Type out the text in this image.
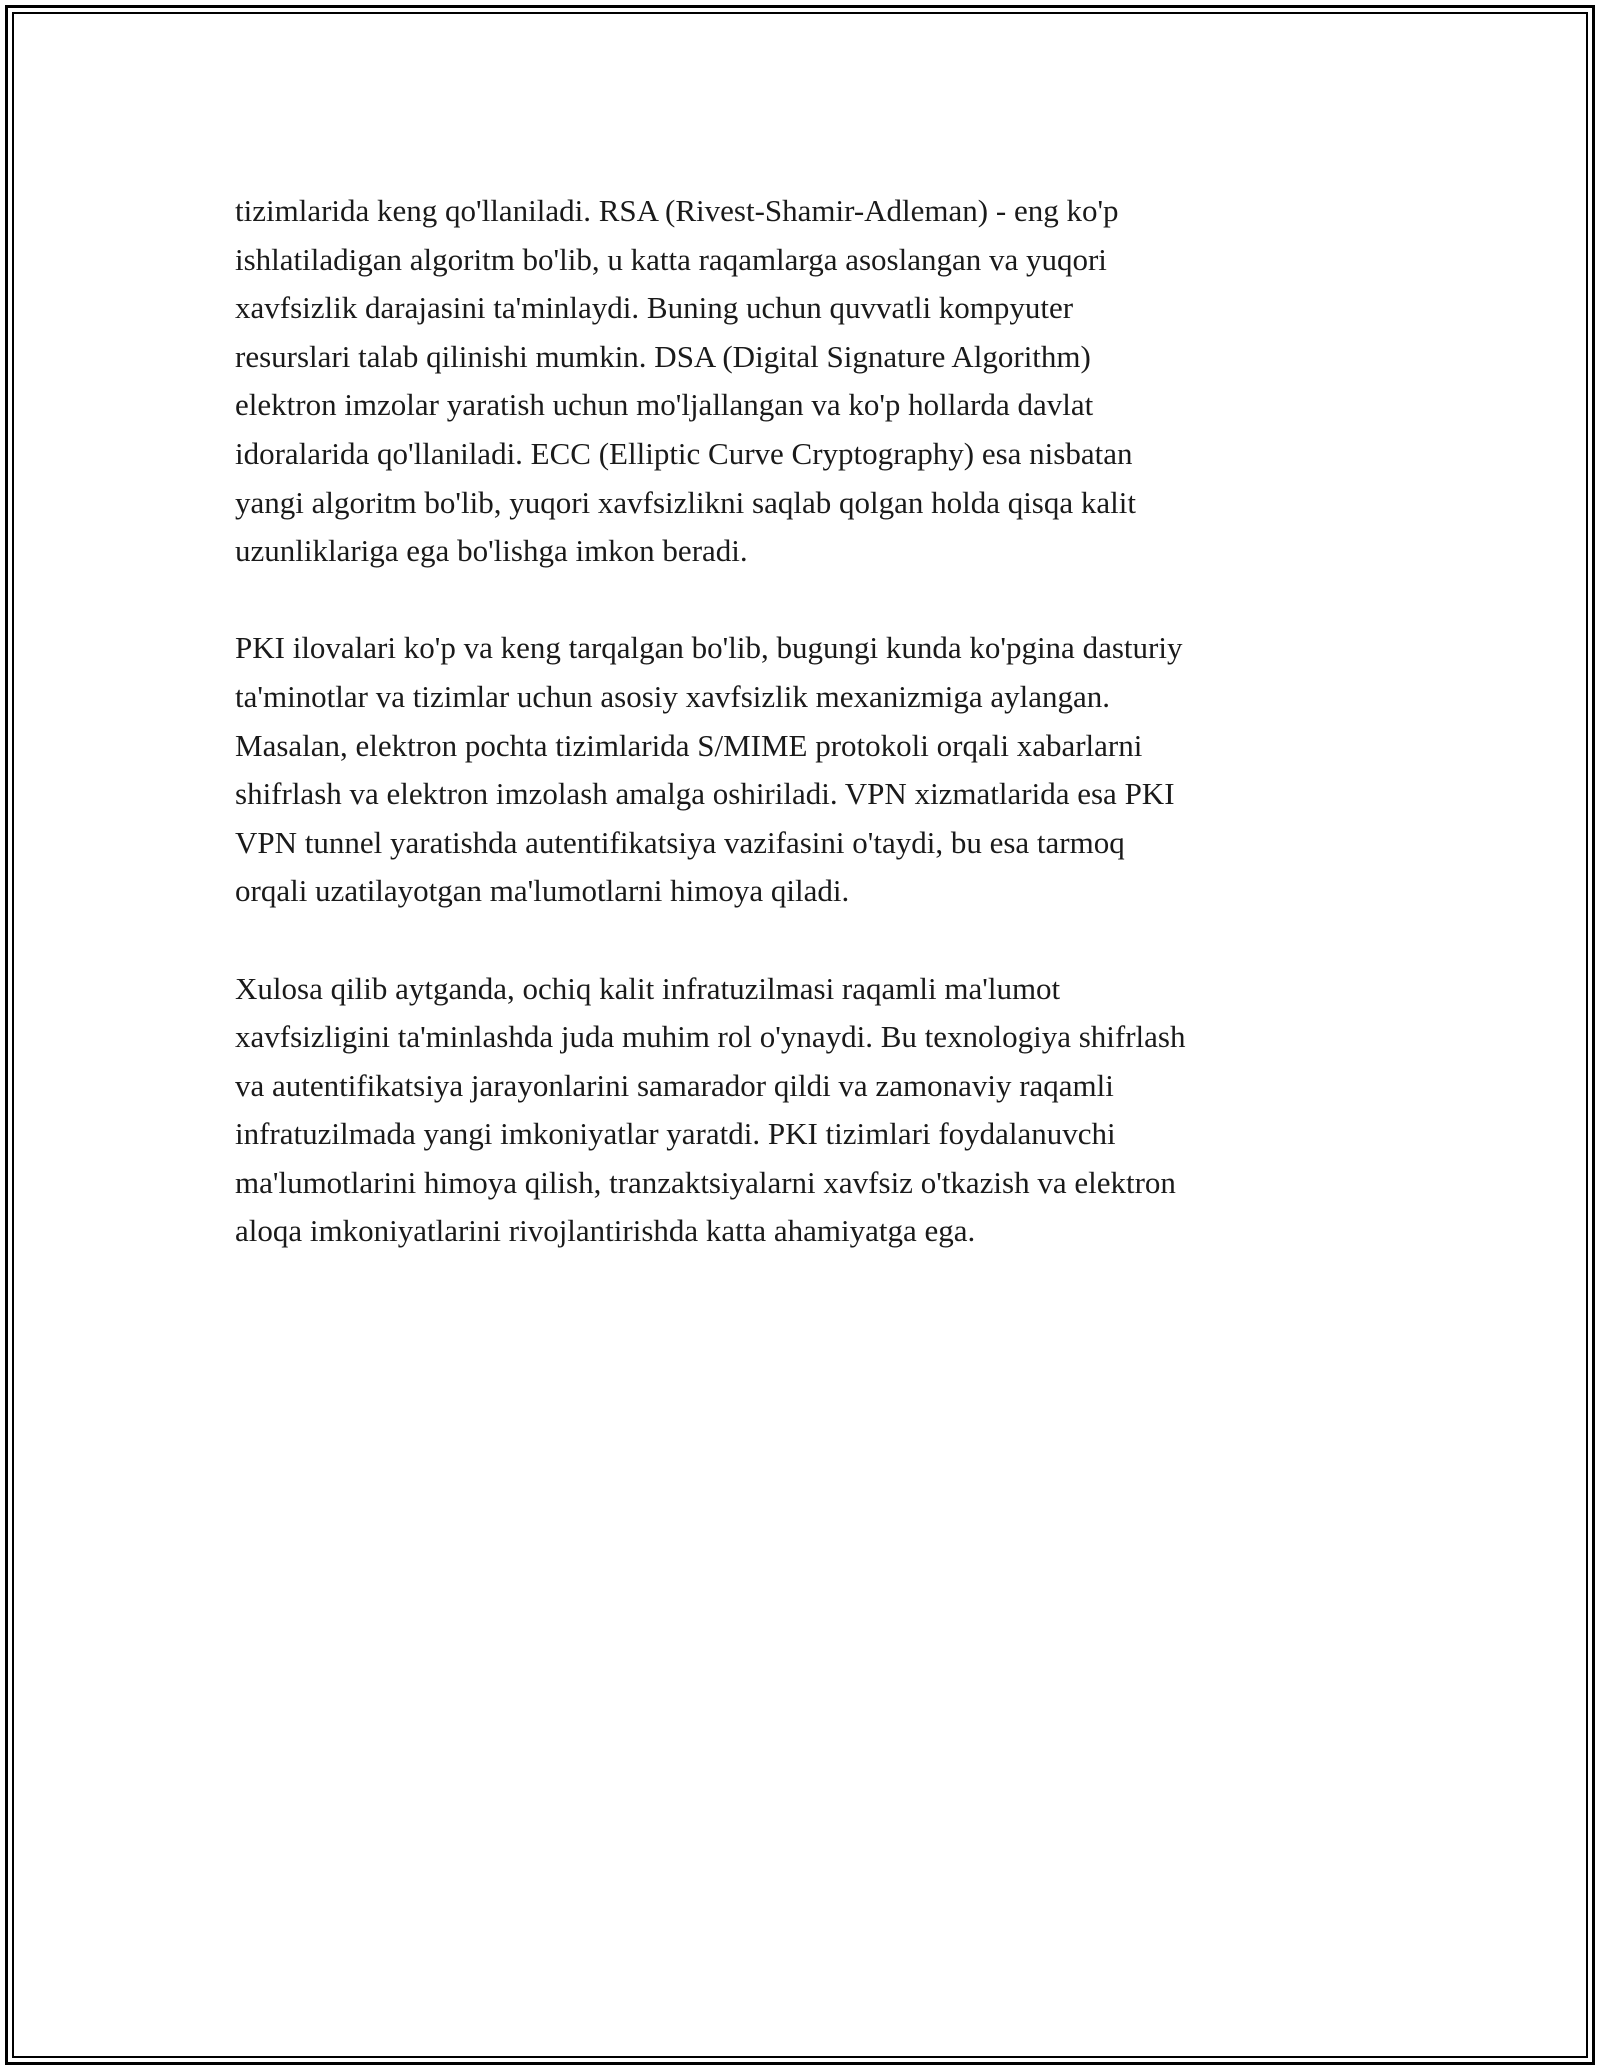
tizimlarida keng qo'llaniladi. RSA (Rivest-Shamir-Adleman) - eng ko'p
ishlatiladigan algoritm bo'lib, u katta raqamlarga asoslangan va yuqori
xavfsizlik darajasini ta'minlaydi. Buning uchun quvvatli kompyuter
resurslari talab qilinishi mumkin. DSA (Digital Signature Algorithm)
elektron imzolar yaratish uchun mo'ljallangan va ko'p hollarda davlat
idoralarida qo'llaniladi. ECC (Elliptic Curve Cryptography) esa nisbatan
yangi algoritm bo'lib, yuqori xavfsizlikni saqlab qolgan holda qisqa kalit
uzunliklariga ega bo'lishga imkon beradi.

PKI ilovalari ko'p va keng tarqalgan bo'lib, bugungi kunda ko'pgina dasturiy
ta'minotlar va tizimlar uchun asosiy xavfsizlik mexanizmiga aylangan.
Masalan, elektron pochta tizimlarida S/MIME protokoli orqali xabarlarni
shifrlash va elektron imzolash amalga oshiriladi. VPN xizmatlarida esa PKI
VPN tunnel yaratishda autentifikatsiya vazifasini o'taydi, bu esa tarmoq
orqali uzatilayotgan ma'lumotlarni himoya qiladi.

Xulosa qilib aytganda, ochiq kalit infratuzilmasi raqamli ma'lumot
xavfsizligini ta'minlashda juda muhim rol o'ynaydi. Bu texnologiya shifrlash
va autentifikatsiya jarayonlarini samarador qildi va zamonaviy raqamli
infratuzilmada yangi imkoniyatlar yaratdi. PKI tizimlari foydalanuvchi
ma'lumotlarini himoya qilish, tranzaktsiyalarni xavfsiz o'tkazish va elektron
aloqa imkoniyatlarini rivojlantirishda katta ahamiyatga ega.
